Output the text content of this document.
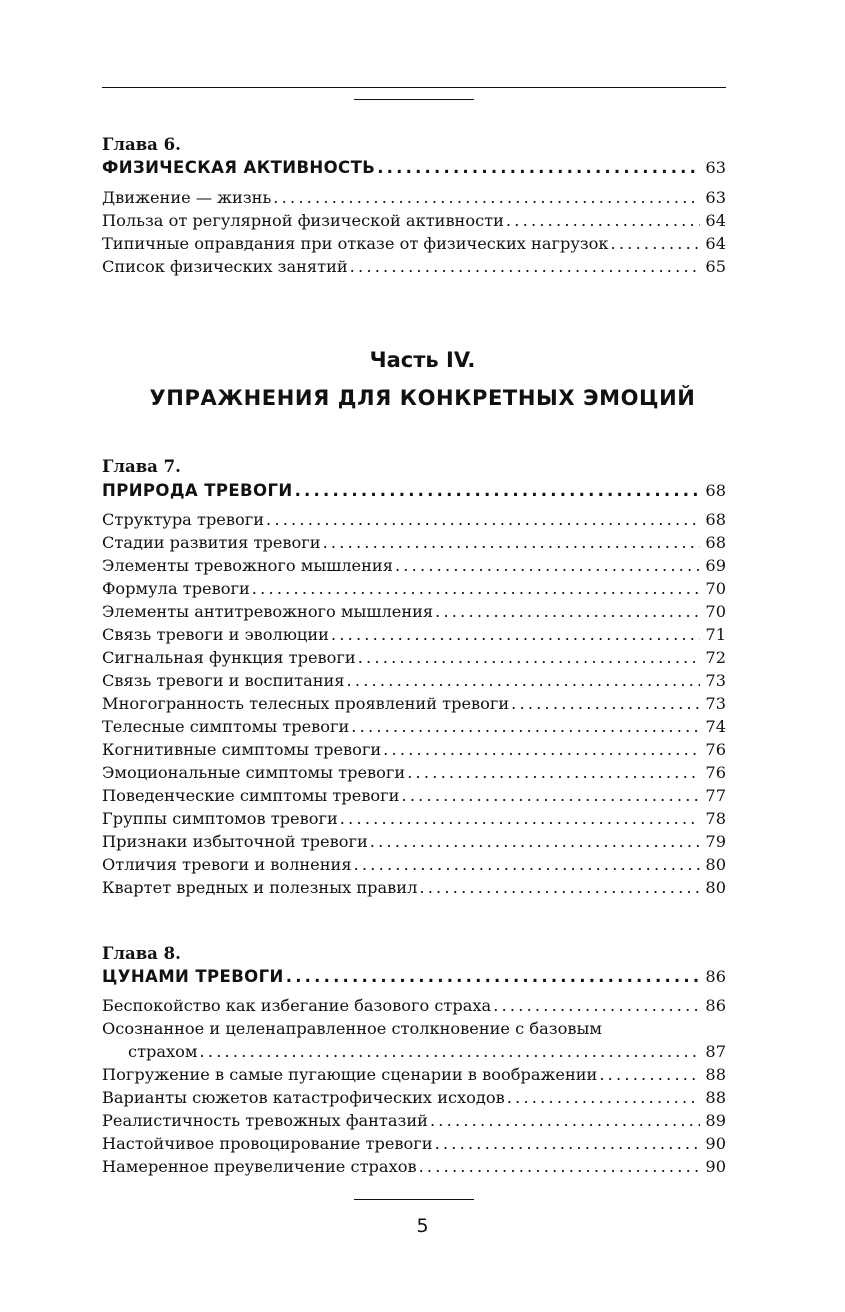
Глава 6.
ФИЗИЧЕСКАЯ АКТИВНОСТЬ .....	63
Движение — жизнь .....	63
Польза от регулярной физической активности .....	64
Типичные оправдания при отказе от физических нагрузок .....	64
Список физических занятий .....	65
Часть IV.
УПРАЖНЕНИЯ ДЛЯ КОНКРЕТНЫХ ЭМОЦИЙ
Глава 7.
ПРИРОДА ТРЕВОГИ .....	68
Структура тревоги .....	68
Стадии развития тревоги .....	68
Элементы тревожного мышления .....	69
Формула тревоги .....	70
Элементы антитревожного мышления .....	70
Связь тревоги и эволюции .....	71
Сигнальная функция тревоги .....	72
Связь тревоги и воспитания .....	73
Многогранность телесных проявлений тревоги .....	73
Телесные симптомы тревоги .....	74
Когнитивные симптомы тревоги .....	76
Эмоциональные симптомы тревоги .....	76
Поведенческие симптомы тревоги .....	77
Группы симптомов тревоги .....	78
Признаки избыточной тревоги .....	79
Отличия тревоги и волнения .....	80
Квартет вредных и полезных правил .....	80
Глава 8.
ЦУНАМИ ТРЕВОГИ .....	86
Беспокойство как избегание базового страха .....	86
Осознанное и целенаправленное столкновение с базовым
страхом .....	87
Погружение в самые пугающие сценарии в воображении .....	88
Варианты сюжетов катастрофических исходов .....	88
Реалистичность тревожных фантазий .....	89
Настойчивое провоцирование тревоги .....	90
Намеренное преувеличение страхов .....	90
5
